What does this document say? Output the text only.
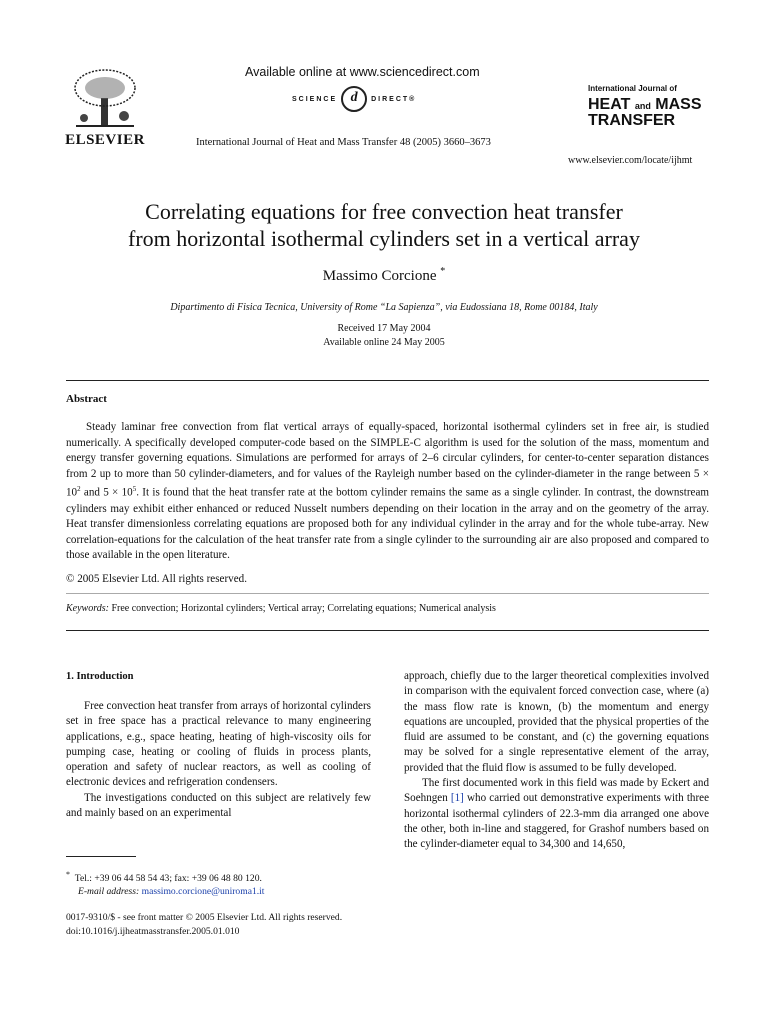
ELSEVIER
Available online at www.sciencedirect.com
SCIENCE d	DIRECT®
International Journal of Heat and Mass Transfer 48 (2005) 3660–3673
International Journal of
HEAT and MASS
TRANSFER
www.elsevier.com/locate/ijhmt
Correlating equations for free convection heat transfer
from horizontal isothermal cylinders set in a vertical array
Massimo Corcione *
Dipartimento di Fisica Tecnica, University of Rome “La Sapienza”, via Eudossiana 18, Rome 00184, Italy
Received 17 May 2004
Available online 24 May 2005
Abstract

Steady laminar free convection from flat vertical arrays of equally-spaced, horizontal isothermal cylinders set in free air, is studied numerically. A specifically developed computer-code based on the SIMPLE-C algorithm is used for the solution of the mass, momentum and energy transfer governing equations. Simulations are performed for arrays of 2–6 circular cylinders, for center-to-center separation distances from 2 up to more than 50 cylinder-diameters, and for values of the Rayleigh number based on the cylinder-diameter in the range between $5 \times 10^2$ and $5 \times 10^5$. It is found that the heat transfer rate at the bottom cylinder remains the same as a single cylinder. In contrast, the downstream cylinders may exhibit either enhanced or reduced Nusselt numbers depending on their location in the array and on the geometry of the array. Heat transfer dimensionless correlating equations are proposed both for any individual cylinder in the array and for the whole tube-array. New correlation-equations for the calculation of the heat transfer rate from a single cylinder to the surrounding air are also proposed and compared to those available in the open literature.

© 2005 Elsevier Ltd. All rights reserved.
Keywords: Free convection; Horizontal cylinders; Vertical array; Correlating equations; Numerical analysis
1. Introduction

Free convection heat transfer from arrays of horizontal cylinders set in free space has a practical relevance to many engineering applications, e.g., space heating, heating of high-viscosity oils for pumping case, heating or cooling of fluids in process plants, operation and safety of nuclear reactors, as well as cooling of electronic devices and refrigeration condensers.

The investigations conducted on this subject are relatively few and mainly based on an experimental

approach, chiefly due to the larger theoretical complexities involved in comparison with the equivalent forced convection case, where (a) the mass flow rate is known, (b) the momentum and energy equations are uncoupled, provided that the physical properties of the fluid are assumed to be constant, and (c) the governing equations may be solved for a single representative element of the array, provided that the fluid flow is assumed to be fully developed.

The first documented work in this field was made by Eckert and Soehngen [1] who carried out demonstrative experiments with three horizontal isothermal cylinders of 22.3-mm dia arranged one above the other, both in-line and staggered, for Grashof numbers based on the cylinder-diameter equal to 34,300 and 14,650,

* Tel.: +39 06 44 58 54 43; fax: +39 06 48 80 120.
E-mail address: massimo.corcione@uniroma1.it
0017-9310/$ - see front matter © 2005 Elsevier Ltd. All rights reserved.
doi:10.1016/j.ijheatmasstransfer.2005.01.010
